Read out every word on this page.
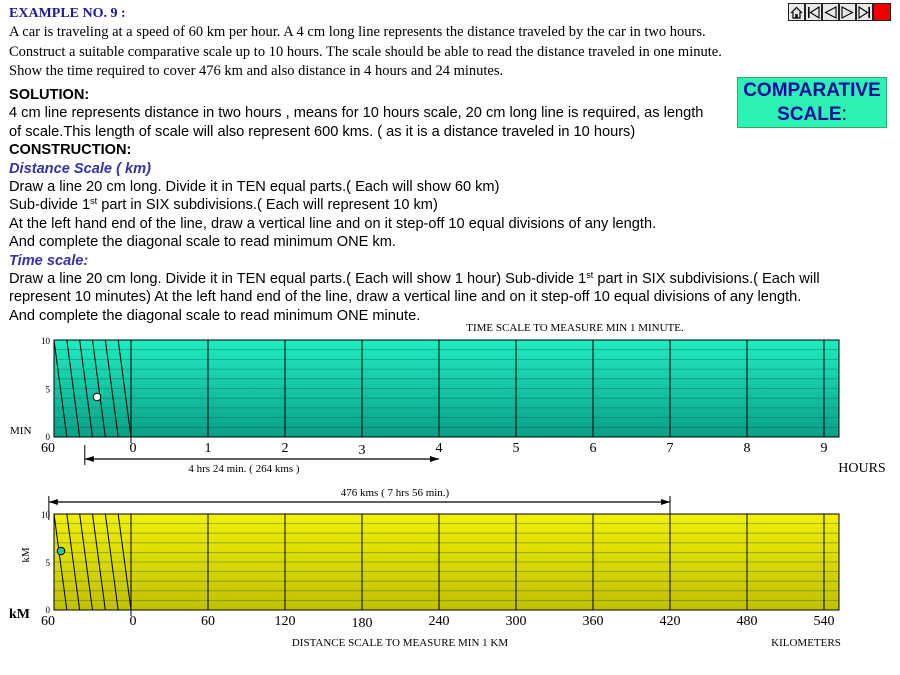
EXAMPLE NO. 9 :
A car is traveling at a speed of 60 km per hour. A 4 cm long line represents the distance traveled by the car in two hours.
Construct a suitable comparative scale up to 10 hours. The scale should be able to read the distance traveled in one minute.
Show the time required to cover 476 km and also distance in 4 hours and 24 minutes.
COMPARATIVE
SCALE:
SOLUTION:
4 cm line represents distance in two hours , means for 10 hours scale, 20 cm long line is required, as length
of scale.This length of scale will also represent 600 kms. ( as it is a distance traveled in 10 hours)
CONSTRUCTION:
Distance Scale ( km)
Draw a line 20 cm long. Divide it in TEN equal parts.( Each will show 60 km)
Sub-divide 1st part in SIX subdivisions.( Each will represent 10 km)
At the left hand end of the line, draw a vertical line and on it step-off 10 equal divisions of any length.
And complete the diagonal scale to read minimum ONE km.
Time scale:
Draw a line 20 cm long. Divide it in TEN equal parts.( Each will show 1 hour) Sub-divide 1st part in SIX subdivisions.( Each will
represent 10 minutes) At the left hand end of the line, draw a vertical line and on it step-off 10 equal divisions of any length.
And complete the diagonal scale to read minimum ONE minute.
TIME SCALE TO MEASURE MIN 1 MINUTE.
10
5
0
60	0	1	2	3	4	5	6	7	8	9
MIN
HOURS
4 hrs 24 min. ( 264 kms )
10
5
0
60	0	60	120	180	240	300	360	420	480	540
kM
kM
DISTANCE SCALE TO MEASURE MIN 1 KM	KILOMETERS
476 kms ( 7 hrs 56 min.)
